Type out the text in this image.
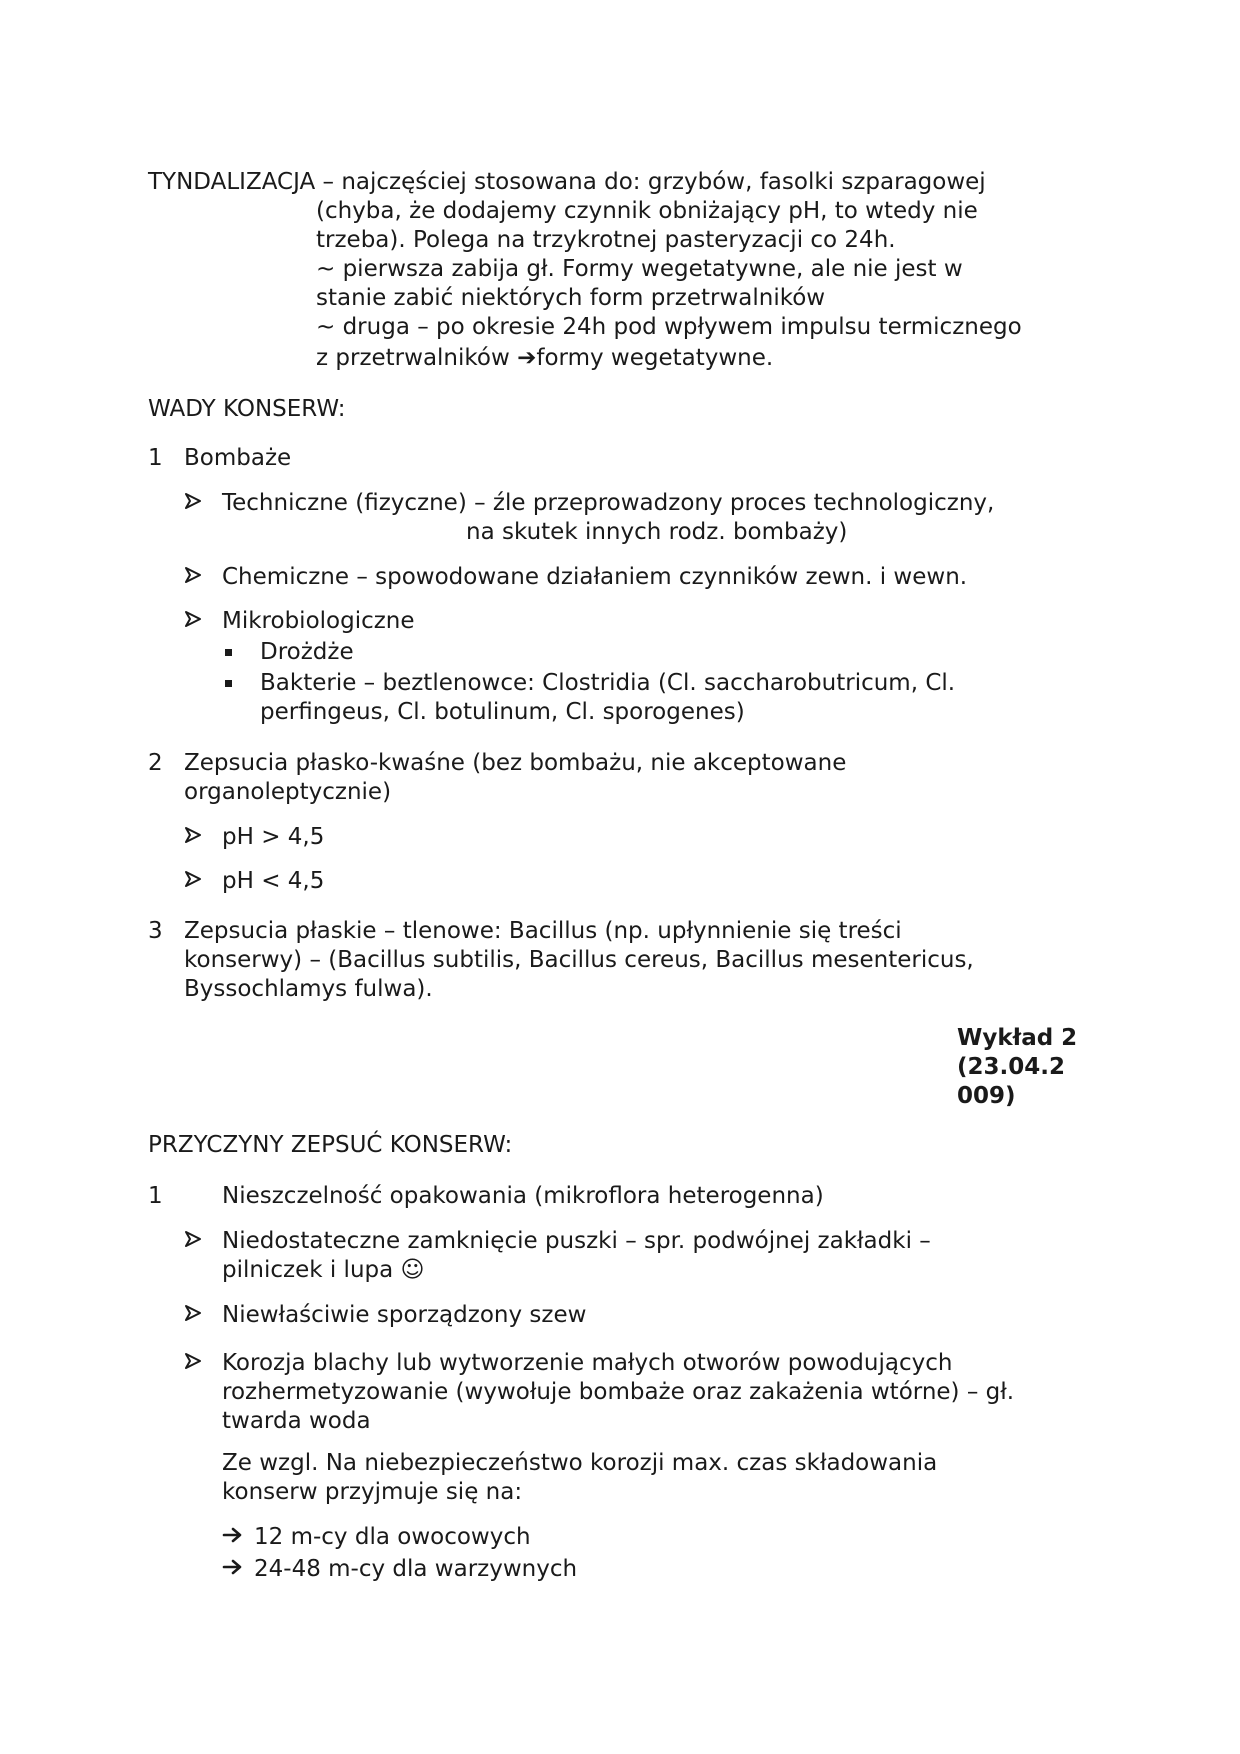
TYNDALIZACJA – najczęściej stosowana do: grzybów, fasolki szparagowej
(chyba, że dodajemy czynnik obniżający pH, to wtedy nie
trzeba). Polega na trzykrotnej pasteryzacji co 24h.
~ pierwsza zabija gł. Formy wegetatywne, ale nie jest w
stanie zabić niektórych form przetrwalników
~ druga – po okresie 24h pod wpływem impulsu termicznego
z przetrwalników ➔formy wegetatywne.
WADY KONSERW:
1 Bombaże
Techniczne (fizyczne) – źle przeprowadzony proces technologiczny,
na skutek innych rodz. bombaży)
Chemiczne – spowodowane działaniem czynników zewn. i wewn.
Mikrobiologiczne
Drożdże
Bakterie – beztlenowce: Clostridia (Cl. saccharobutricum, Cl.
perfingeus, Cl. botulinum, Cl. sporogenes)
2 Zepsucia płasko-kwaśne (bez bombażu, nie akceptowane
organoleptycznie)
pH > 4,5
pH < 4,5
3 Zepsucia płaskie – tlenowe: Bacillus (np. upłynnienie się treści
konserwy) – (Bacillus subtilis, Bacillus cereus, Bacillus mesentericus,
Byssochlamys fulwa).
Wykład 2
(23.04.2
009)
PRZYCZYNY ZEPSUĆ KONSERW:
1	Nieszczelność opakowania (mikroflora heterogenna)
Niedostateczne zamknięcie puszki – spr. podwójnej zakładki –
pilniczek i lupa ☺
Niewłaściwie sporządzony szew
Korozja blachy lub wytworzenie małych otworów powodujących
rozhermetyzowanie (wywołuje bombaże oraz zakażenia wtórne) – gł.
twarda woda
Ze wzgl. Na niebezpieczeństwo korozji max. czas składowania
konserw przyjmuje się na:
12 m-cy dla owocowych
24-48 m-cy dla warzywnych
